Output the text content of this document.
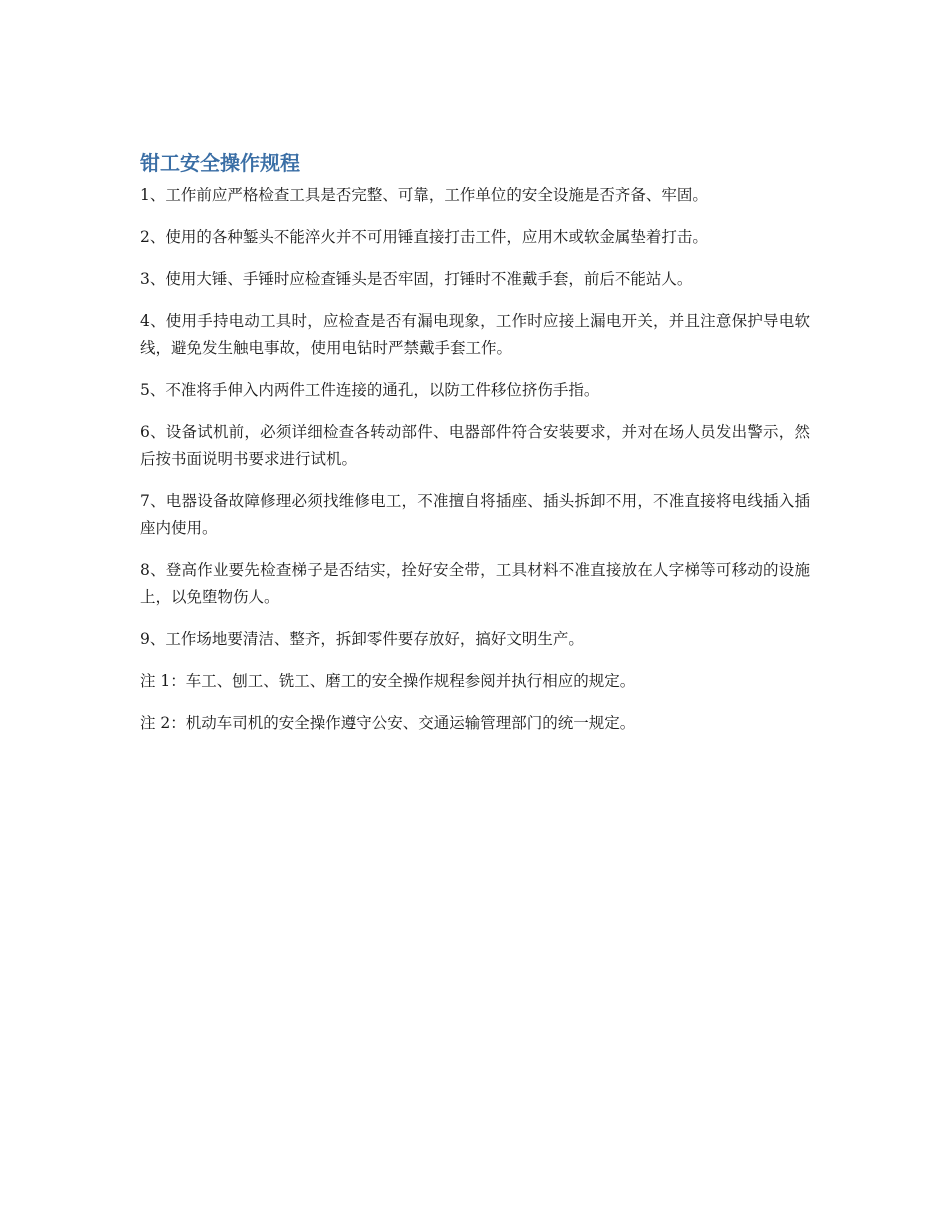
钳工安全操作规程

1、工作前应严格检查工具是否完整、可靠，工作单位的安全设施是否齐备、牢固。

2、使用的各种錾头不能淬火并不可用锤直接打击工件，应用木或软金属垫着打击。

3、使用大锤、手锤时应检查锤头是否牢固，打锤时不准戴手套，前后不能站人。

4、使用手持电动工具时，应检查是否有漏电现象，工作时应接上漏电开关，并且注意保护导电软线，避免发生触电事故，使用电钻时严禁戴手套工作。

5、不准将手伸入内两件工件连接的通孔，以防工件移位挤伤手指。

6、设备试机前，必须详细检查各转动部件、电器部件符合安装要求，并对在场人员发出警示，然后按书面说明书要求进行试机。

7、电器设备故障修理必须找维修电工，不准擅自将插座、插头拆卸不用，不准直接将电线插入插座内使用。

8、登高作业要先检查梯子是否结实，拴好安全带，工具材料不准直接放在人字梯等可移动的设施上，以免堕物伤人。

9、工作场地要清洁、整齐，拆卸零件要存放好，搞好文明生产。

注 1：车工、刨工、铣工、磨工的安全操作规程参阅并执行相应的规定。

注 2：机动车司机的安全操作遵守公安、交通运输管理部门的统一规定。
